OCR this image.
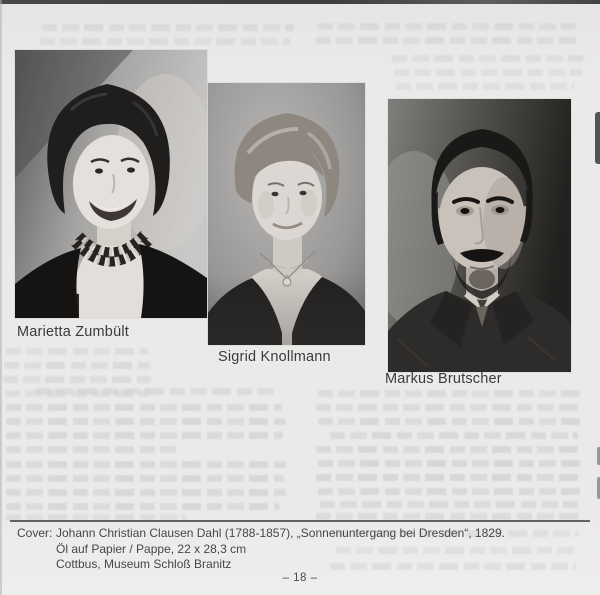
Marietta Zumbült
Sigrid Knollmann
Markus Brutscher
Cover: Johann Christian Clausen Dahl (1788-1857), „Sonnenuntergang bei Dresden“, 1829.
Öl auf Papier / Pappe, 22 x 28,3 cm
Cottbus, Museum Schloß Branitz
– 18 –
